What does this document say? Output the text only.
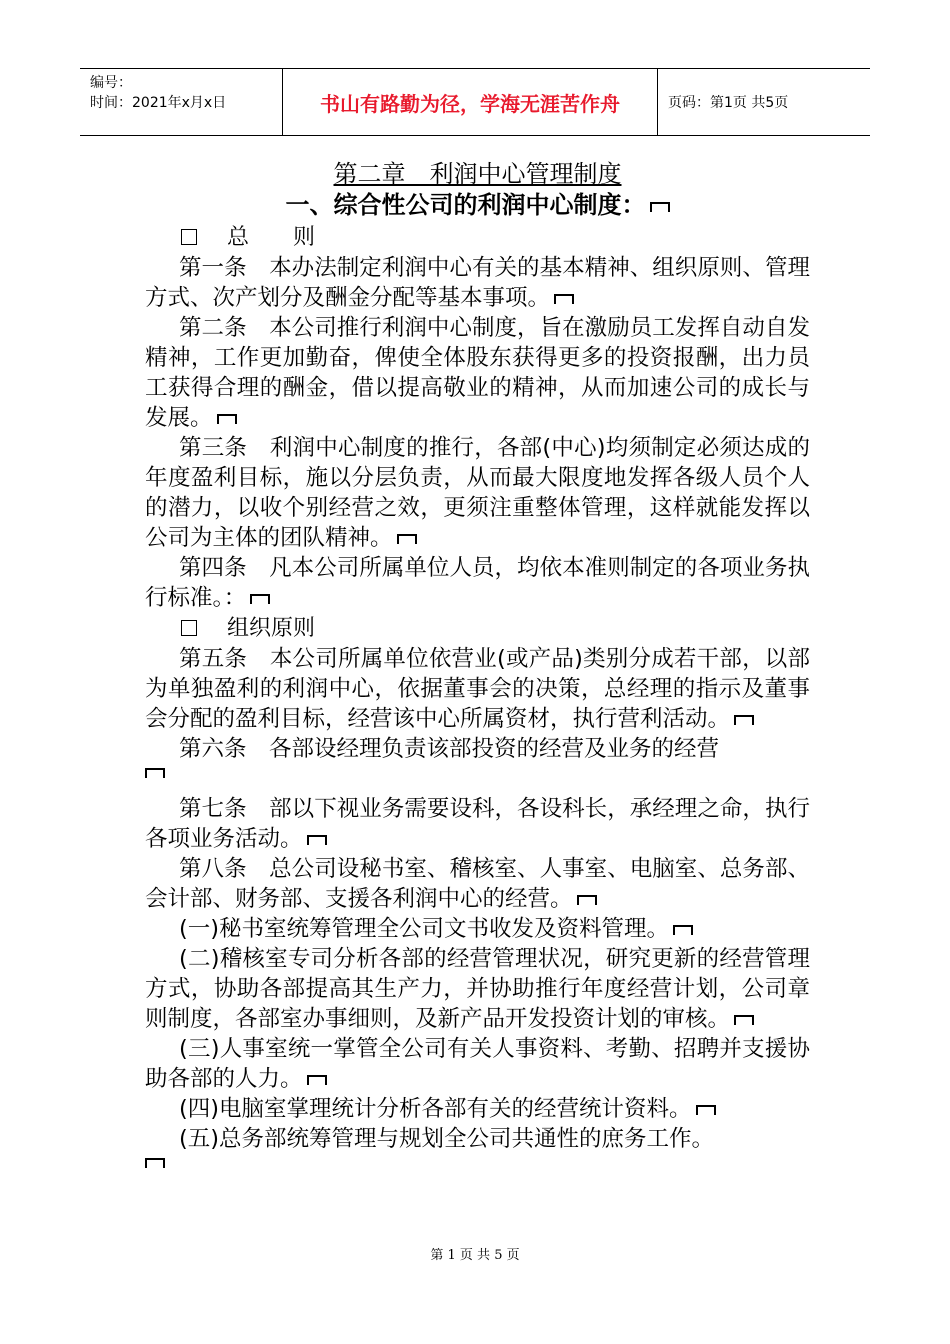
编号：
时间：2021年x月x日	书山有路勤为径，学海无涯苦作舟	页码：第1页 共5页
第二章　利润中心管理制度
一、综合性公司的利润中心制度：
总　　则

第一条　本办法制定利润中心有关的基本精神、组织原则、管理方式、次产划分及酬金分配等基本事项。

第二条　本公司推行利润中心制度，旨在激励员工发挥自动自发精神，工作更加勤奋，俾使全体股东获得更多的投资报酬，出力员工获得合理的酬金，借以提高敬业的精神，从而加速公司的成长与发展。

第三条　利润中心制度的推行，各部(中心)均须制定必须达成的年度盈利目标，施以分层负责，从而最大限度地发挥各级人员个人的潜力，以收个别经营之效，更须注重整体管理，这样就能发挥以公司为主体的团队精神。

第四条　凡本公司所属单位人员，均依本准则制定的各项业务执行标准。：

组织原则

第五条　本公司所属单位依营业(或产品)类别分成若干部，以部为单独盈利的利润中心，依据董事会的决策，总经理的指示及董事会分配的盈利目标，经营该中心所属资材，执行营利活动。

第六条　各部设经理负责该部投资的经营及业务的经营

第七条　部以下视业务需要设科，各设科长，承经理之命，执行各项业务活动。

第八条　总公司设秘书室、稽核室、人事室、电脑室、总务部、会计部、财务部、支援各利润中心的经营。

(一)秘书室统筹管理全公司文书收发及资料管理。

(二)稽核室专司分析各部的经营管理状况，研究更新的经营管理方式，协助各部提高其生产力，并协助推行年度经营计划，公司章则制度，各部室办事细则，及新产品开发投资计划的审核。

(三)人事室统一掌管全公司有关人事资料、考勤、招聘并支援协助各部的人力。

(四)电脑室掌理统计分析各部有关的经营统计资料。

(五)总务部统筹管理与规划全公司共通性的庶务工作。

第 1 页 共 5 页
